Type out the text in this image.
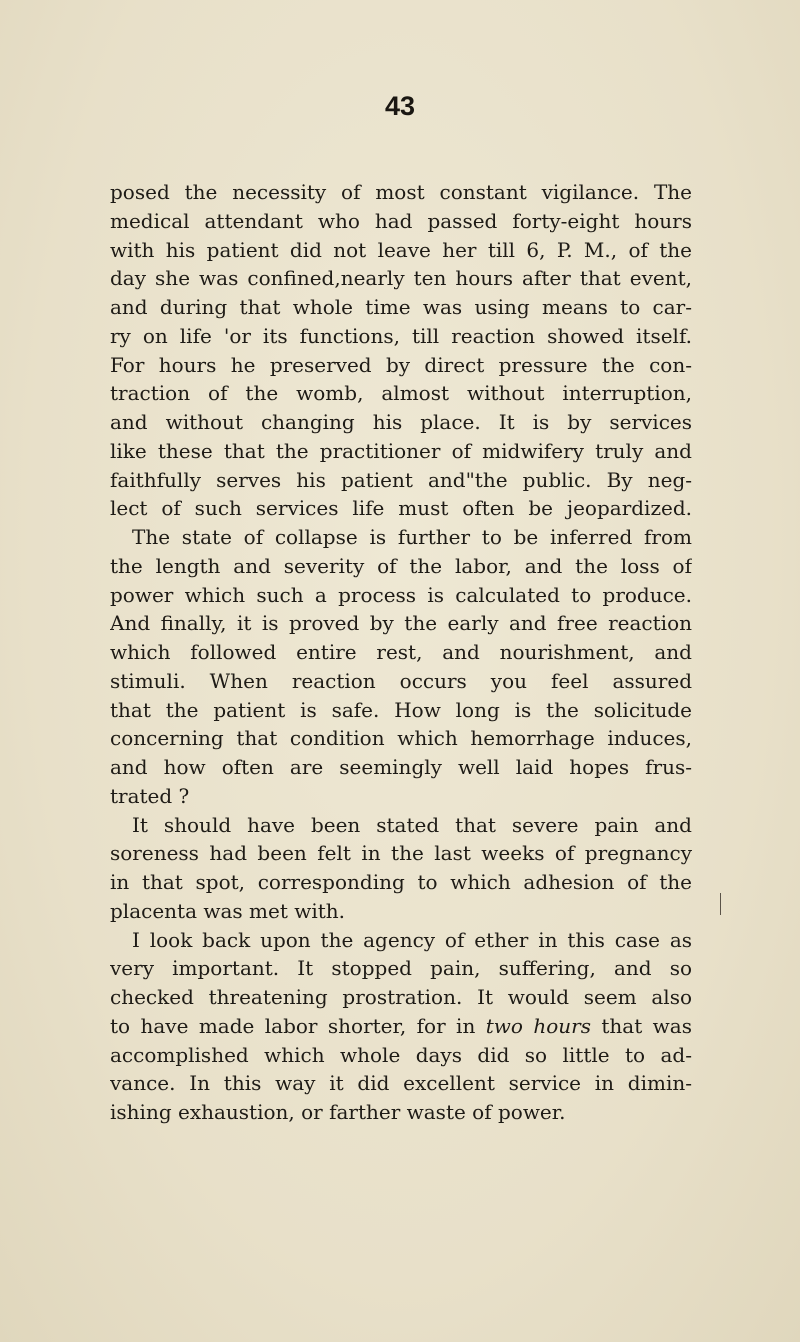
43
posed the necessity of most constant vigilance. The
medical attendant who had passed forty-eight hours
with his patient did not leave her till 6, P. M., of the
day she was confined,nearly ten hours after that event,
and during that whole time was using means to car-
ry on life 'or its functions, till reaction showed itself.
For hours he preserved by direct pressure the con-
traction of the womb, almost without interruption,
and without changing his place. It is by services
like these that the practitioner of midwifery truly and
faithfully serves his patient and"the public. By neg-
lect of such services life must often be jeopardized.
The state of collapse is further to be inferred from
the length and severity of the labor, and the loss of
power which such a process is calculated to produce.
And finally, it is proved by the early and free reaction
which followed entire rest, and nourishment, and
stimuli. When reaction occurs you feel assured
that the patient is safe. How long is the solicitude
concerning that condition which hemorrhage induces,
and how often are seemingly well laid hopes frus-
trated ?
It should have been stated that severe pain and
soreness had been felt in the last weeks of pregnancy
in that spot, corresponding to which adhesion of the
placenta was met with.
I look back upon the agency of ether in this case as
very important. It stopped pain, suffering, and so
checked threatening prostration. It would seem also
to have made labor shorter, for in two hours that was
accomplished which whole days did so little to ad-
vance. In this way it did excellent service in dimin-
ishing exhaustion, or farther waste of power.
